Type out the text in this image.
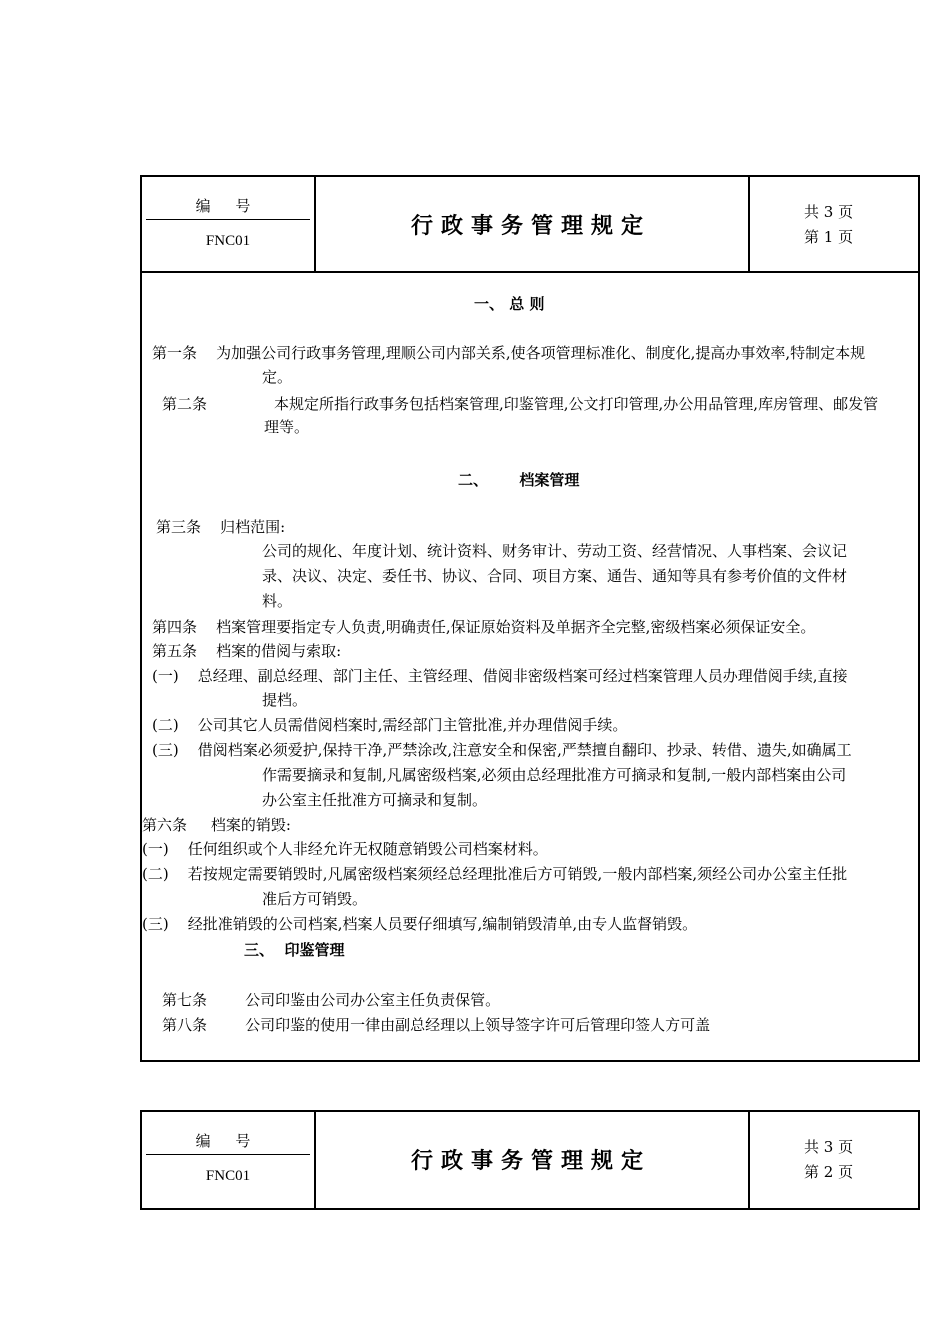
编 号
FNC01
行政事务管理规定
共 3 页
第 1 页
一、 总 则
第一条    为加强公司行政事务管理,理顺公司内部关系,使各项管理标准化、制度化,提高办事效率,特制定本规
定。
第二条	本规定所指行政事务包括档案管理,印鉴管理,公文打印管理,办公用品管理,库房管理、邮发管
理等。
二、      档案管理
第三条    归档范围:
公司的规化、年度计划、统计资料、财务审计、劳动工资、经营情况、人事档案、会议记
录、决议、决定、委任书、协议、合同、项目方案、通告、通知等具有参考价值的文件材
料。
第四条    档案管理要指定专人负责,明确责任,保证原始资料及单据齐全完整,密级档案必须保证安全。
第五条    档案的借阅与索取:
(一)    总经理、副总经理、部门主任、主管经理、借阅非密级档案可经过档案管理人员办理借阅手续,直接
提档。
(二)    公司其它人员需借阅档案时,需经部门主管批准,并办理借阅手续。
(三)    借阅档案必须爱护,保持干净,严禁涂改,注意安全和保密,严禁擅自翻印、抄录、转借、遗失,如确属工
作需要摘录和复制,凡属密级档案,必须由总经理批准方可摘录和复制,一般内部档案由公司
办公室主任批准方可摘录和复制。
第六条     档案的销毁:
(一)    任何组织或个人非经允许无权随意销毁公司档案材料。
(二)    若按规定需要销毁时,凡属密级档案须经总经理批准后方可销毁,一般内部档案,须经公司办公室主任批
准后方可销毁。
(三)    经批准销毁的公司档案,档案人员要仔细填写,编制销毁清单,由专人监督销毁。
三、  印鉴管理
第七条        公司印鉴由公司办公室主任负责保管。
第八条        公司印鉴的使用一律由副总经理以上领导签字许可后管理印签人方可盖
编 号
FNC01
行政事务管理规定
共 3 页
第 2 页
